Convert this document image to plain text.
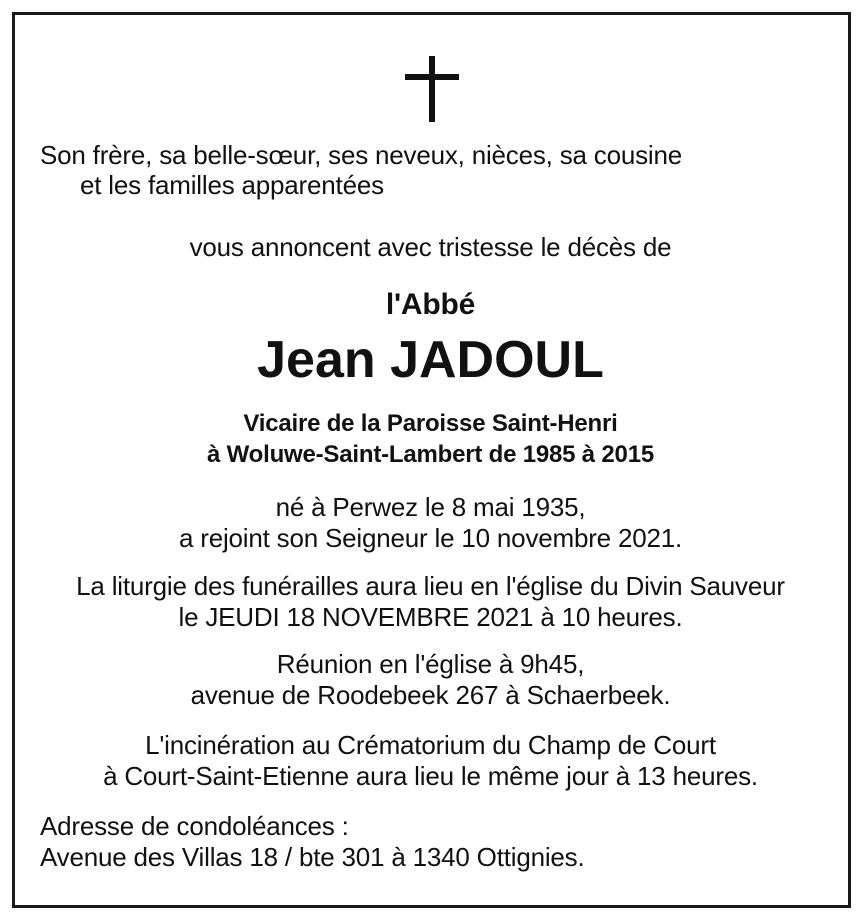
Son frère, sa belle-sœur, ses neveux, nièces, sa cousine
et les familles apparentées
vous annoncent avec tristesse le décès de
l'Abbé
Jean JADOUL
Vicaire de la Paroisse Saint-Henri
à Woluwe-Saint-Lambert de 1985 à 2015
né à Perwez le 8 mai 1935,
a rejoint son Seigneur le 10 novembre 2021.
La liturgie des funérailles aura lieu en l'église du Divin Sauveur
le JEUDI 18 NOVEMBRE 2021 à 10 heures.
Réunion en l'église à 9h45,
avenue de Roodebeek 267 à Schaerbeek.
L'incinération au Crématorium du Champ de Court
à Court-Saint-Etienne aura lieu le même jour à 13 heures.
Adresse de condoléances :
Avenue des Villas 18 / bte 301 à 1340 Ottignies.
